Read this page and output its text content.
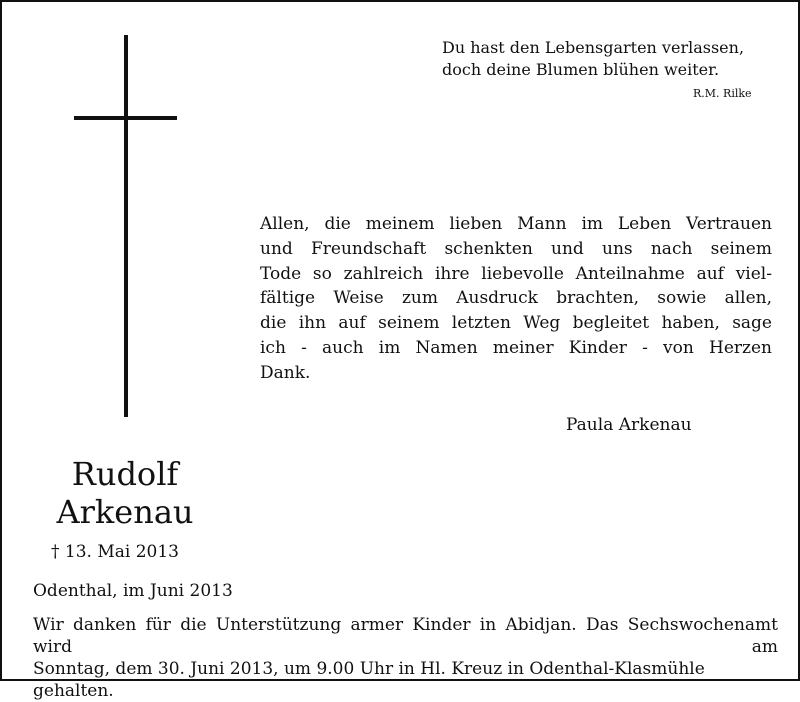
Du hast den Lebensgarten verlassen,
doch deine Blumen blühen weiter.
R.M. Rilke
Allen, die meinem lieben Mann im Leben Vertrauen
und Freundschaft schenkten und uns nach seinem
Tode so zahlreich ihre liebevolle Anteilnahme auf viel-
fältige Weise zum Ausdruck brachten, sowie allen,
die ihn auf seinem letzten Weg begleitet haben, sage
ich - auch im Namen meiner Kinder - von Herzen
Dank.
Paula Arkenau
Rudolf
Arkenau
† 13. Mai 2013
Odenthal, im Juni 2013
Wir danken für die Unterstützung armer Kinder in Abidjan. Das Sechswochenamt wird am
Sonntag, dem 30. Juni 2013, um 9.00 Uhr in Hl. Kreuz in Odenthal-Klasmühle gehalten.
